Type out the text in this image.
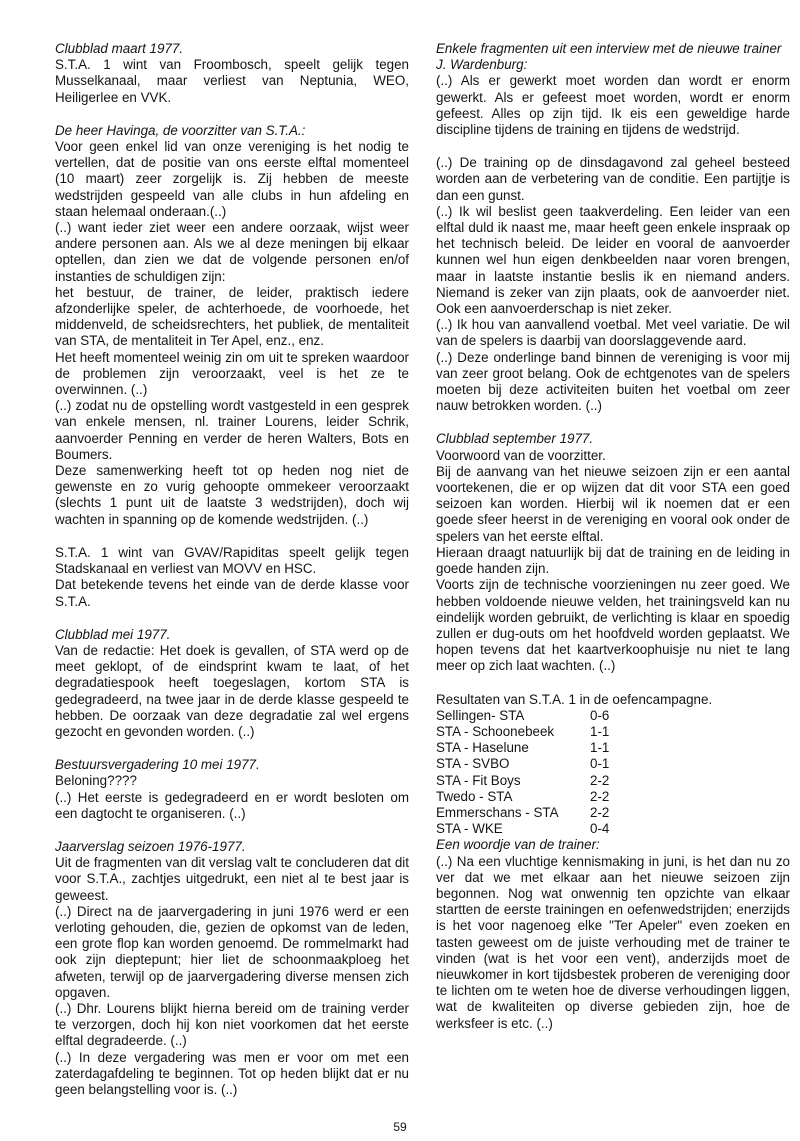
Clubblad maart 1977.
S.T.A. 1 wint van Froombosch, speelt gelijk tegen Musselkanaal, maar verliest van Neptunia, WEO, Heiligerlee en VVK.
De heer Havinga, de voorzitter van S.T.A.:
Voor geen enkel lid van onze vereniging is het nodig te vertellen, dat de positie van ons eerste elftal momenteel (10 maart) zeer zorgelijk is. Zij hebben de meeste wedstrijden gespeeld van alle clubs in hun afdeling en staan helemaal onderaan.(..)
(..) want ieder ziet weer een andere oorzaak, wijst weer andere personen aan. Als we al deze meningen bij elkaar optellen, dan zien we dat de volgende personen en/of instanties de schuldigen zijn:
het bestuur, de trainer, de leider, praktisch iedere afzonderlijke speler, de achterhoede, de voorhoede, het middenveld, de scheidsrechters, het publiek, de mentaliteit van STA, de mentaliteit in Ter Apel, enz., enz.
Het heeft momenteel weinig zin om uit te spreken waardoor de problemen zijn veroorzaakt, veel is het ze te overwinnen. (..)
(..) zodat nu de opstelling wordt vastgesteld in een gesprek van enkele mensen, nl. trainer Lourens, leider Schrik, aanvoerder Penning en verder de heren Walters, Bots en Boumers.
Deze samenwerking heeft tot op heden nog niet de gewenste en zo vurig gehoopte ommekeer veroorzaakt (slechts 1 punt uit de laatste 3 wedstrijden), doch wij wachten in spanning op de komende wedstrijden. (..)
S.T.A. 1 wint van GVAV/Rapiditas speelt gelijk tegen Stadskanaal en verliest van MOVV en HSC.
Dat betekende tevens het einde van de derde klasse voor S.T.A.
Clubblad mei 1977.
Van de redactie: Het doek is gevallen, of STA werd op de meet geklopt, of de eindsprint kwam te laat, of het degradatiespook heeft toegeslagen, kortom STA is gedegradeerd, na twee jaar in de derde klasse gespeeld te hebben. De oorzaak van deze degradatie zal wel ergens gezocht en gevonden worden. (..)
Bestuursvergadering 10 mei 1977.
Beloning????
(..) Het eerste is gedegradeerd en er wordt besloten om een dagtocht te organiseren. (..)
Jaarverslag seizoen 1976-1977.
Uit de fragmenten van dit verslag valt te concluderen dat dit voor S.T.A., zachtjes uitgedrukt, een niet al te best jaar is geweest.
(..) Direct na de jaarvergadering in juni 1976 werd er een verloting gehouden, die, gezien de opkomst van de leden, een grote flop kan worden genoemd. De rommelmarkt had ook zijn dieptepunt; hier liet de schoonmaakploeg het afweten, terwijl op de jaarvergadering diverse mensen zich opgaven.
(..) Dhr. Lourens blijkt hierna bereid om de training verder te verzorgen, doch hij kon niet voorkomen dat het eerste elftal degradeerde. (..)
(..) In deze vergadering was men er voor om met een zaterdagafdeling te beginnen. Tot op heden blijkt dat er nu geen belangstelling voor is. (..)
Enkele fragmenten uit een interview met de nieuwe trainer J. Wardenburg:
(..) Als er gewerkt moet worden dan wordt er enorm gewerkt. Als er gefeest moet worden, wordt er enorm gefeest. Alles op zijn tijd. Ik eis een geweldige harde discipline tijdens de training en tijdens de wedstrijd.
(..) De training op de dinsdagavond zal geheel besteed worden aan de verbetering van de conditie. Een partijtje is dan een gunst.
(..) Ik wil beslist geen taakverdeling. Een leider van een elftal duld ik naast me, maar heeft geen enkele inspraak op het technisch beleid. De leider en vooral de aanvoerder kunnen wel hun eigen denkbeelden naar voren brengen, maar in laatste instantie beslis ik en niemand anders. Niemand is zeker van zijn plaats, ook de aanvoerder niet. Ook een aanvoerderschap is niet zeker.
(..) Ik hou van aanvallend voetbal. Met veel variatie. De wil van de spelers is daarbij van doorslaggevende aard.
(..) Deze onderlinge band binnen de vereniging is voor mij van zeer groot belang. Ook de echtgenotes van de spelers moeten bij deze activiteiten buiten het voetbal om zeer nauw betrokken worden. (..)
Clubblad september 1977.
Voorwoord van de voorzitter.
Bij de aanvang van het nieuwe seizoen zijn er een aantal voortekenen, die er op wijzen dat dit voor STA een goed seizoen kan worden. Hierbij wil ik noemen dat er een goede sfeer heerst in de vereniging en vooral ook onder de spelers van het eerste elftal.
Hieraan draagt natuurlijk bij dat de training en de leiding in goede handen zijn.
Voorts zijn de technische voorzieningen nu zeer goed. We hebben voldoende nieuwe velden, het trainingsveld kan nu eindelijk worden gebruikt, de verlichting is klaar en spoedig zullen er dug-outs om het hoofdveld worden geplaatst. We hopen tevens dat het kaartverkoophuisje nu niet te lang meer op zich laat wachten. (..)
Resultaten van S.T.A. 1 in de oefencampagne.
Sellingen- STA	0-6
STA - Schoonebeek	1-1
STA - Haselune	1-1
STA - SVBO	0-1
STA - Fit Boys	2-2
Twedo - STA	2-2
Emmerschans - STA	2-2
STA - WKE	0-4
Een woordje van de trainer:
(..) Na een vluchtige kennismaking in juni, is het dan nu zo ver dat we met elkaar aan het nieuwe seizoen zijn begonnen. Nog wat onwennig ten opzichte van elkaar startten de eerste trainingen en oefenwedstrijden; enerzijds is het voor nagenoeg elke "Ter Apeler" even zoeken en tasten geweest om de juiste verhouding met de trainer te vinden (wat is het voor een vent), anderzijds moet de nieuwkomer in kort tijdsbestek proberen de vereniging door te lichten om te weten hoe de diverse verhoudingen liggen, wat de kwaliteiten op diverse gebieden zijn, hoe de werksfeer is etc. (..)
59
